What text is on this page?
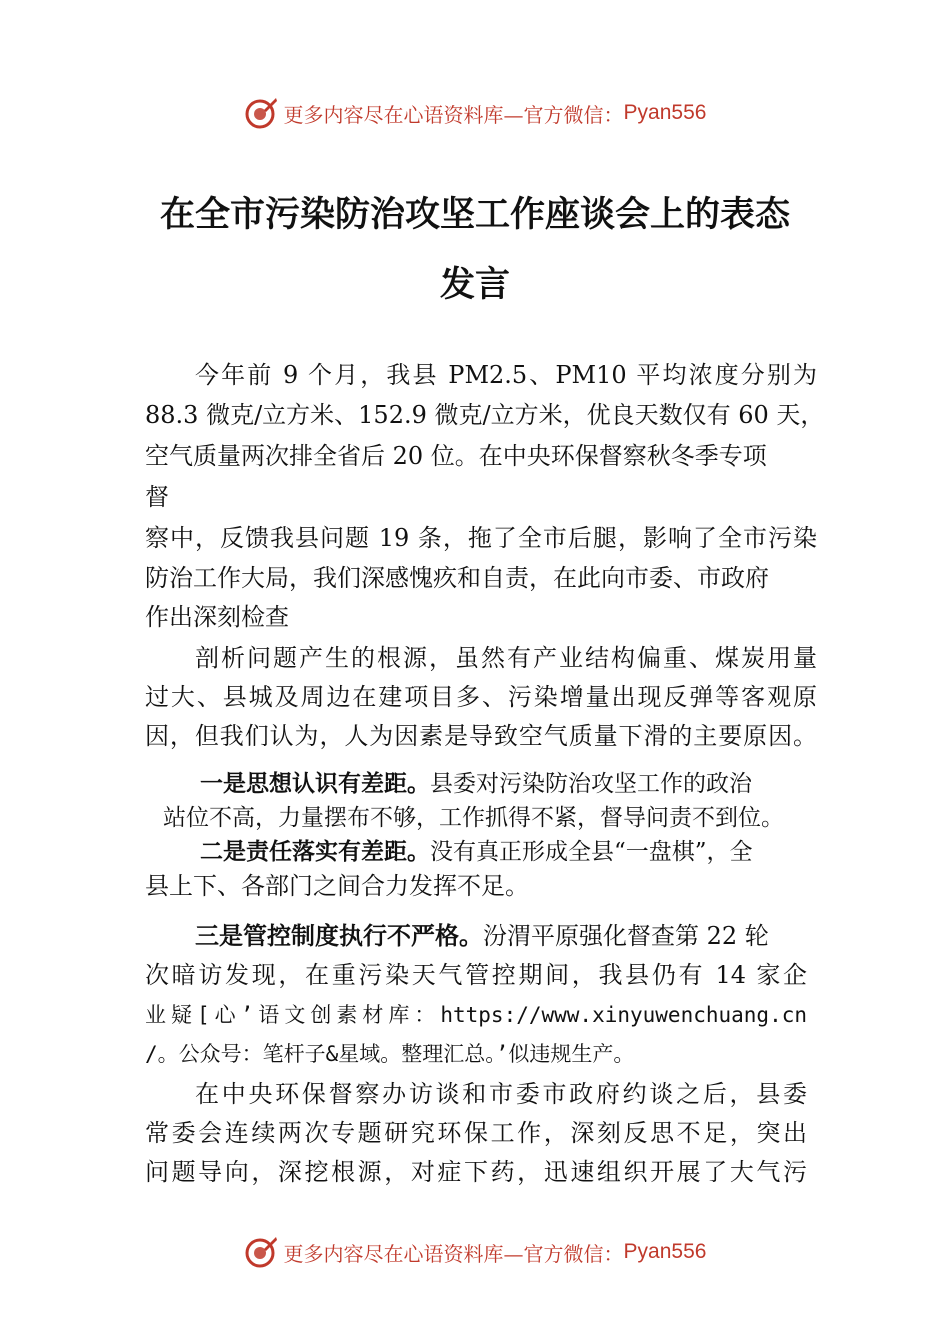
更多内容尽在心语资料库—官方微信： Pyan556
在全市污染防治攻坚工作座谈会上的表态
发言
今年前 9 个月，我县 PM2.5、PM10 平均浓度分别为
88.3 微克/立方米、152.9 微克/立方米，优良天数仅有 60 天，
空气质量两次排全省后 20 位。在中央环保督察秋冬季专项
督
察中，反馈我县问题 19 条，拖了全市后腿，影响了全市污染
防治工作大局，我们深感愧疚和自责，在此向市委、市政府
作出深刻检查
剖析问题产生的根源，虽然有产业结构偏重、煤炭用量
过大、县城及周边在建项目多、污染增量出现反弹等客观原
因，但我们认为，人为因素是导致空气质量下滑的主要原因。
一是思想认识有差距。县委对污染防治攻坚工作的政治
站位不高，力量摆布不够，工作抓得不紧，督导问责不到位。
二是责任落实有差距。没有真正形成全县“一盘棋”，全
县上下、各部门之间合力发挥不足。
三是管控制度执行不严格。汾渭平原强化督查第 22 轮
次暗访发现，在重污染天气管控期间，我县仍有 14 家企
业疑[心’语文创素材库：https://www.xinyuwenchuang.cn
/。公众号：笔杆子&星域。整理汇总。’似违规生产。
在中央环保督察办访谈和市委市政府约谈之后，县委
常委会连续两次专题研究环保工作，深刻反思不足，突出
问题导向，深挖根源，对症下药，迅速组织开展了大气污
更多内容尽在心语资料库—官方微信： Pyan556
